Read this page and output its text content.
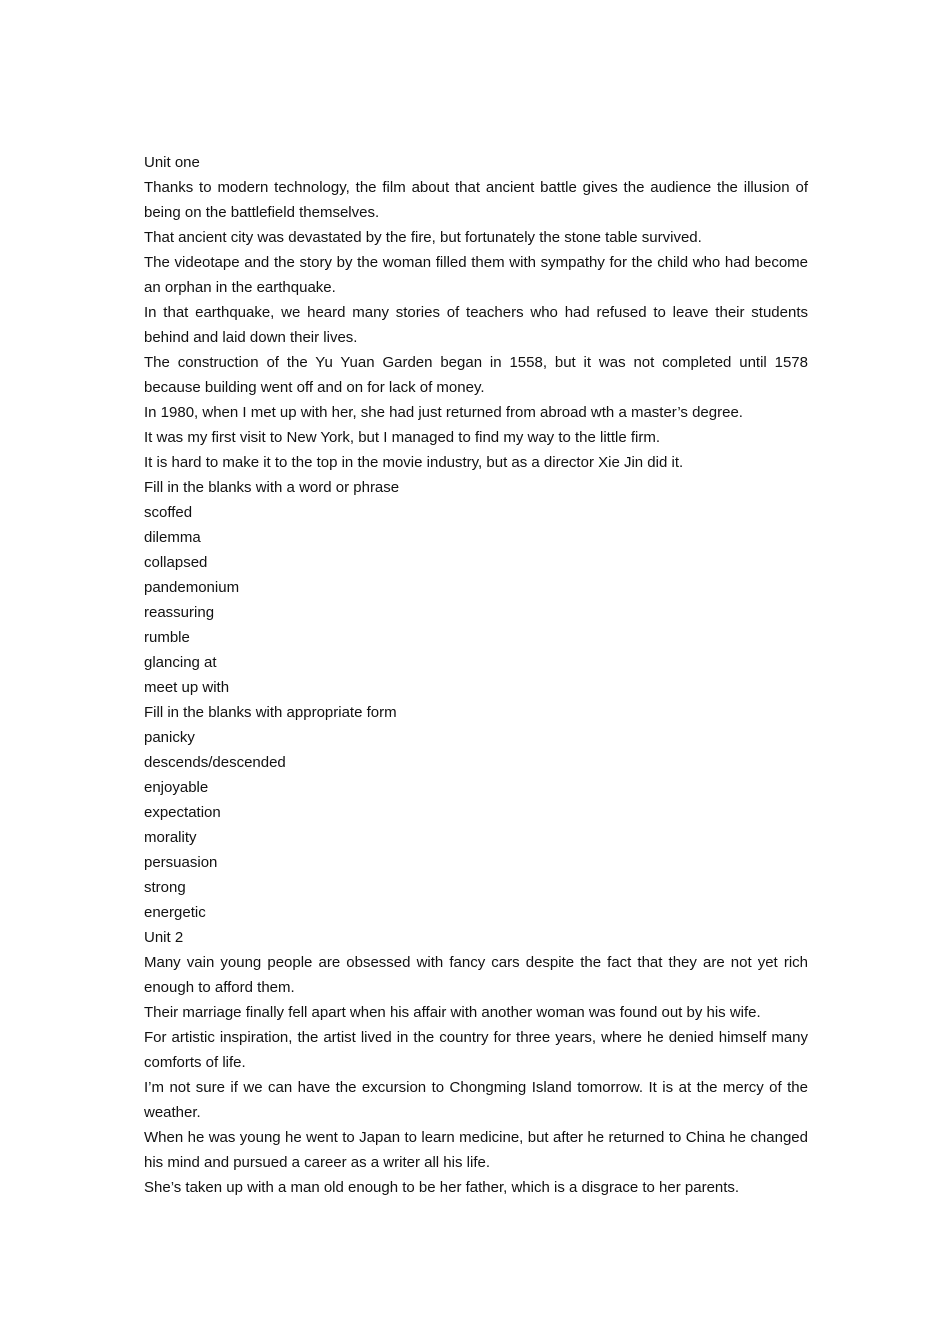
Unit one

Thanks to modern technology, the film about that ancient battle gives the audience the illusion of being on the battlefield themselves.

That ancient city was devastated by the fire, but fortunately the stone table survived.

The videotape and the story by the woman filled them with sympathy for the child who had become an orphan in the earthquake.

In that earthquake, we heard many stories of teachers who had refused to leave their students behind and laid down their lives.

The construction of the Yu Yuan Garden began in 1558, but it was not completed until 1578 because building went off and on for lack of money.

In 1980, when I met up with her, she had just returned from abroad wth a master’s degree.

It was my first visit to New York, but I managed to find my way to the little firm.

It is hard to make it to the top in the movie industry, but as a director Xie Jin did it.

Fill in the blanks with a word or phrase

scoffed

dilemma

collapsed

pandemonium

reassuring

rumble

glancing at

meet up with

Fill in the blanks with appropriate form

panicky

descends/descended

enjoyable

expectation

morality

persuasion

strong

energetic

Unit 2

Many vain young people are obsessed with fancy cars despite the fact that they are not yet rich enough to afford them.

Their marriage finally fell apart when his affair with another woman was found out by his wife.

For artistic inspiration, the artist lived in the country for three years, where he denied himself many comforts of life.

I’m not sure if we can have the excursion to Chongming Island tomorrow. It is at the mercy of the weather.

When he was young he went to Japan to learn medicine, but after he returned to China he changed his mind and pursued a career as a writer all his life.

She’s taken up with a man old enough to be her father, which is a disgrace to her parents.
